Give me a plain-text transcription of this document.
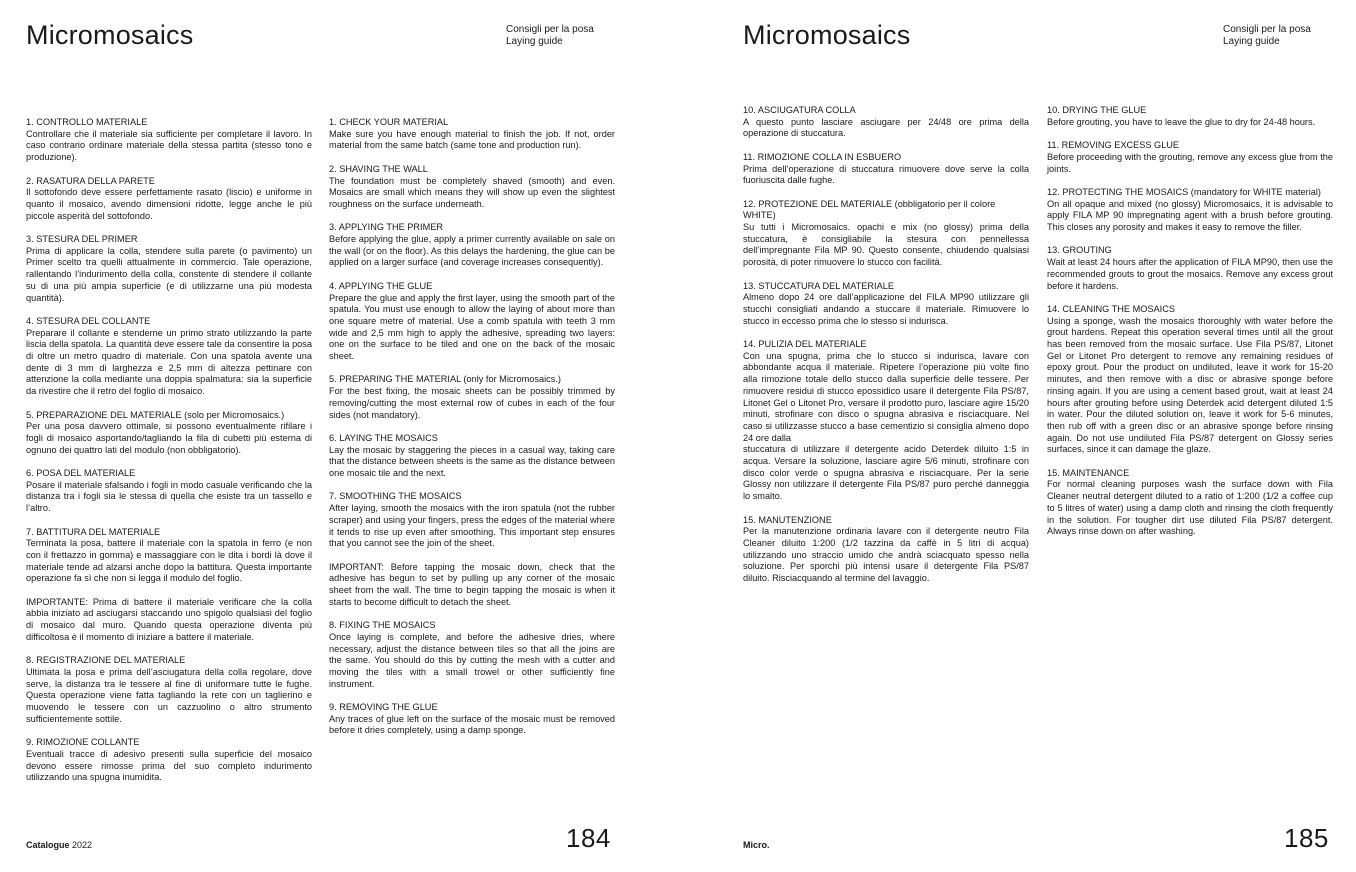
Micromosaics	Consigli per la posa
Laying guide
1. CONTROLLO MATERIALE

Controllare che il materiale sia sufficiente per completare il lavoro. In caso contrario ordinare materiale della stessa partita (stesso tono e produzione).

2. RASATURA DELLA PARETE

Il sottofondo deve essere perfettamente rasato (liscio) e uniforme in quanto il mosaico, avendo dimensioni ridotte, legge anche le più piccole asperità del sottofondo.

3. STESURA DEL PRIMER

Prima di applicare la colla, stendere sulla parete (o pavimento) un Primer scelto tra quelli attualmente in commercio. Tale operazione, rallentando l’indurimento della colla, constente di stendere il collante su di una più ampia superficie (e di utilizzarne una più modesta quantità).

4. STESURA DEL COLLANTE

Preparare il collante e stenderne un primo strato utilizzando la parte liscia della spatola. La quantità deve essere tale da consentire la posa di oltre un metro quadro di materiale. Con una spatola avente una dente di 3 mm di larghezza e 2,5 mm di altezza pettinare con attenzione la colla mediante una doppia spalmatura: sia la superficie da rivestire che il retro del foglio di mosaico.

5. PREPARAZIONE DEL MATERIALE (solo per Micromosaics.)

Per una posa davvero ottimale, si possono eventualmente rifilare i fogli di mosaico asportando/tagliando la fila di cubetti più esterna di ognuno dei quattro lati del modulo (non obbligatorio).

6. POSA DEL MATERIALE

Posare il materiale sfalsando i fogli in modo casuale verificando che la distanza tra i fogli sia le stessa di quella che esiste tra un tassello e l’altro.

7. BATTITURA DEL MATERIALE

Terminata la posa, battere il materiale con la spatola in ferro (e non con il frettazzo in gomma) e massaggiare con le dita i bordi là dove il materiale tende ad alzarsi anche dopo la battitura. Questa importante operazione fa sì che non si legga il modulo del foglio.

IMPORTANTE: Prima di battere il materiale verificare che la colla abbia iniziato ad asciugarsi staccando uno spigolo qualsiasi del foglio di mosaico dal muro. Quando questa operazione diventa più difficoltosa è il momento di iniziare a battere il materiale.

8. REGISTRAZIONE DEL MATERIALE

Ultimata la posa e prima dell’asciugatura della colla regolare, dove serve, la distanza tra le tessere al fine di uniformare tutte le fughe. Questa operazione viene fatta tagliando la rete con un taglierino e muovendo le tessere con un cazzuolino o altro strumento sufficientemente sottile.

9. RIMOZIONE COLLANTE

Eventuali tracce di adesivo presenti sulla superficie del mosaico devono essere rimosse prima del suo completo indurimento utilizzando una spugna inumidita.

1. CHECK YOUR MATERIAL

Make sure you have enough material to finish the job. If not, order material from the same batch (same tone and production run).

2. SHAVING THE WALL

The foundation must be completely shaved (smooth) and even. Mosaics are small which means they will show up even the slightest roughness on the surface underneath.

3. APPLYING THE PRIMER

Before applying the glue, apply a primer currently available on sale on the wall (or on the floor). As this delays the hardening, the glue can be applied on a larger surface (and coverage increases consequently).

4. APPLYING THE GLUE

Prepare the glue and apply the first layer, using the smooth part of the spatula. You must use enough to allow the laying of about more than one square metre of material. Use a comb spatula with teeth 3 mm wide and 2,5 mm high to apply the adhesive, spreading two layers: one on the surface to be tiled and one on the back of the mosaic sheet.

5. PREPARING THE MATERIAL (only for Micromosaics.)

For the best fixing, the mosaic sheets can be possibly trimmed by removing/cutting the most external row of cubes in each of the four sides (not mandatory).

6. LAYING THE MOSAICS

Lay the mosaic by staggering the pieces in a casual way, taking care that the distance between sheets is the same as the distance between one mosaic tile and the next.

7. SMOOTHING THE MOSAICS

After laying, smooth the mosaics with the iron spatula (not the rubber scraper) and using your fingers, press the edges of the material where it tends to rise up even after smoothing. This important step ensures that you cannot see the join of the sheet.

IMPORTANT: Before tapping the mosaic down, check that the adhesive has begun to set by pulling up any corner of the mosaic sheet from the wall. The time to begin tapping the mosaic is when it starts to become difficult to detach the sheet.

8. FIXING THE MOSAICS

Once laying is complete, and before the adhesive dries, where necessary, adjust the distance between tiles so that all the joins are the same. You should do this by cutting the mesh with a cutter and moving the tiles with a small trowel or other sufficiently fine instrument.

9. REMOVING THE GLUE

Any traces of glue left on the surface of the mosaic must be removed before it dries completely, using a damp sponge.

Catalogue 2022	184
Micromosaics	Consigli per la posa
Laying guide
10. ASCIUGATURA COLLA

A questo punto lasciare asciugare per 24/48 ore prima della operazione di stuccatura.

11. RIMOZIONE COLLA IN ESBUERO

Prima dell’operazione di stuccatura rimuovere dove serve la colla fuoriuscita dalle fughe.

12. PROTEZIONE DEL MATERIALE (obbligatorio per il colore WHITE)

Su tutti i Micromosaics. opachi e mix (no glossy) prima della stuccatura, è consigliabile la stesura con pennellessa dell’impregnante Fila MP 90. Questo consente, chiudendo qualsiasi porosità, di poter rimuovere lo stucco con facilità.

13. STUCCATURA DEL MATERIALE

Almeno dopo 24 ore dall’applicazione del FILA MP90 utilizzare gli stucchi consigliati andando a stuccare il materiale. Rimuovere lo stucco in eccesso prima che lo stesso si indurisca.

14. PULIZIA DEL MATERIALE

Con una spugna, prima che lo stucco si indurisca, lavare con abbondante acqua il materiale. Ripetere l’operazione più volte fino alla rimozione totale dello stucco dalla superficie delle tessere. Per rimuovere residui di stucco epossidico usare il detergente Fila PS/87, Litonet Gel o Litonet Pro, versare il prodotto puro, lasciare agire 15/20 minuti, strofinare con disco o spugna abrasiva e risciacquare. Nel caso si utilizzasse stucco a base cementizio si consiglia almeno dopo 24 ore dalla

stuccatura di utilizzare il detergente acido Deterdek diluito 1:5 in acqua. Versare la soluzione, lasciare agire 5/6 minuti, strofinare con disco color verde o spugna abrasiva e risciacquare. Per la serie Glossy non utilizzare il detergente Fila PS/87 puro perché danneggia lo smalto.

15. MANUTENZIONE

Per la manutenzione ordinaria lavare con il detergente neutro Fila Cleaner diluito 1:200 (1/2 tazzina da caffè in 5 litri di acqua) utilizzando uno straccio umido che andrà sciacquato spesso nella soluzione. Per sporchi più intensi usare il detergente Fila PS/87 diluito. Risciacquando al termine del lavaggio.

10. DRYING THE GLUE

Before grouting, you have to leave the glue to dry for 24-48 hours.

11. REMOVING EXCESS GLUE

Before proceeding with the grouting, remove any excess glue from the joints.

12. PROTECTING THE MOSAICS (mandatory for WHITE material)

On all opaque and mixed (no glossy) Micromosaics, it is advisable to apply FILA MP 90 impregnating agent with a brush before grouting. This closes any porosity and makes it easy to remove the filler.

13. GROUTING

Wait at least 24 hours after the application of FILA MP90, then use the recommended grouts to grout the mosaics. Remove any excess grout before it hardens.

14. CLEANING THE MOSAICS

Using a sponge, wash the mosaics thoroughly with water before the grout hardens. Repeat this operation several times until all the grout has been removed from the mosaic surface. Use Fila PS/87, Litonet Gel or Litonet Pro detergent to remove any remaining residues of epoxy grout. Pour the product on undiluted, leave it work for 15-20 minutes, and then remove with a disc or abrasive sponge before rinsing again. If you are using a cement based grout, wait at least 24 hours after grouting before using Deterdek acid detergent diluted 1:5 in water. Pour the diluted solution on, leave it work for 5-6 minutes, then rub off with a green disc or an abrasive sponge before rinsing again. Do not use undiluted Fila PS/87 detergent on Glossy series surfaces, since it can damage the glaze.

15. MAINTENANCE

For normal cleaning purposes wash the surface down with Fila Cleaner neutral detergent diluted to a ratio of 1:200 (1/2 a coffee cup to 5 litres of water) using a damp cloth and rinsing the cloth frequently in the solution. For tougher dirt use diluted Fila PS/87 detergent. Always rinse down on after washing.

Micro.	185
